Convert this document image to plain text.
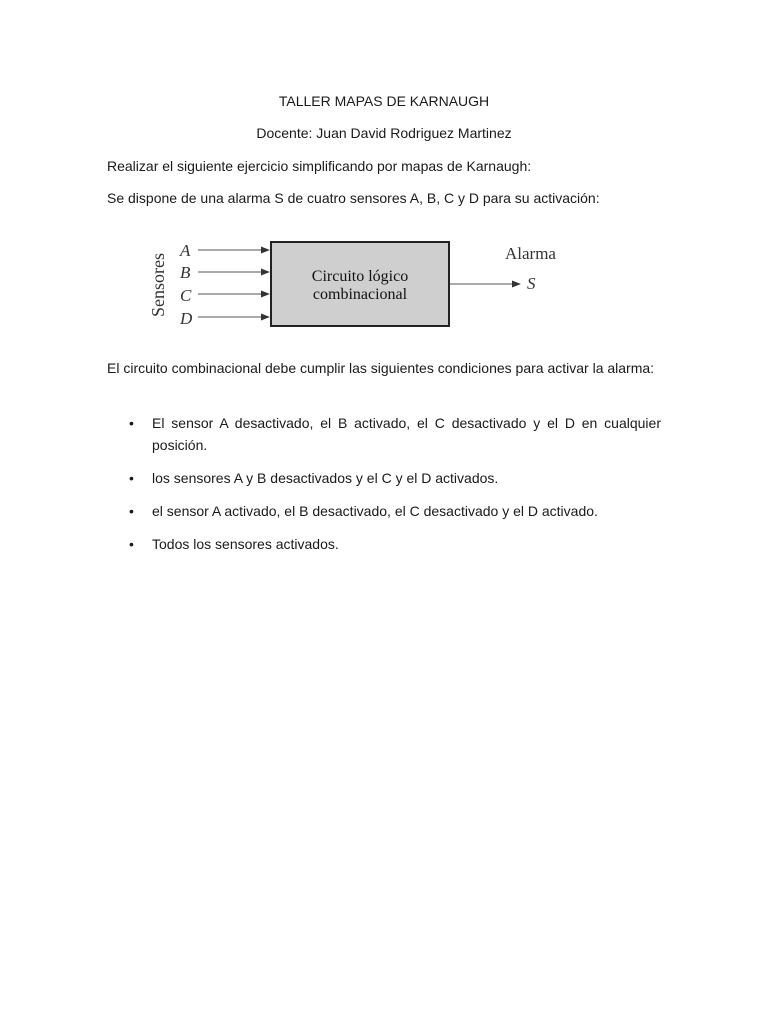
TALLER MAPAS DE KARNAUGH
Docente: Juan David Rodriguez Martinez
Realizar el siguiente ejercicio simplificando por mapas de Karnaugh:
Se dispone de una alarma S de cuatro sensores A, B, C y D para su activación:
Sensores
A
B
C
D
Circuito lógico
combinacional
Alarma
S
El circuito combinacional debe cumplir las siguientes condiciones para activar la alarma:
• El sensor A desactivado, el B activado, el C desactivado y el D en cualquier posición.
• los sensores A y B desactivados y el C y el D activados.
• el sensor A activado, el B desactivado, el C desactivado y el D activado.
• Todos los sensores activados.
